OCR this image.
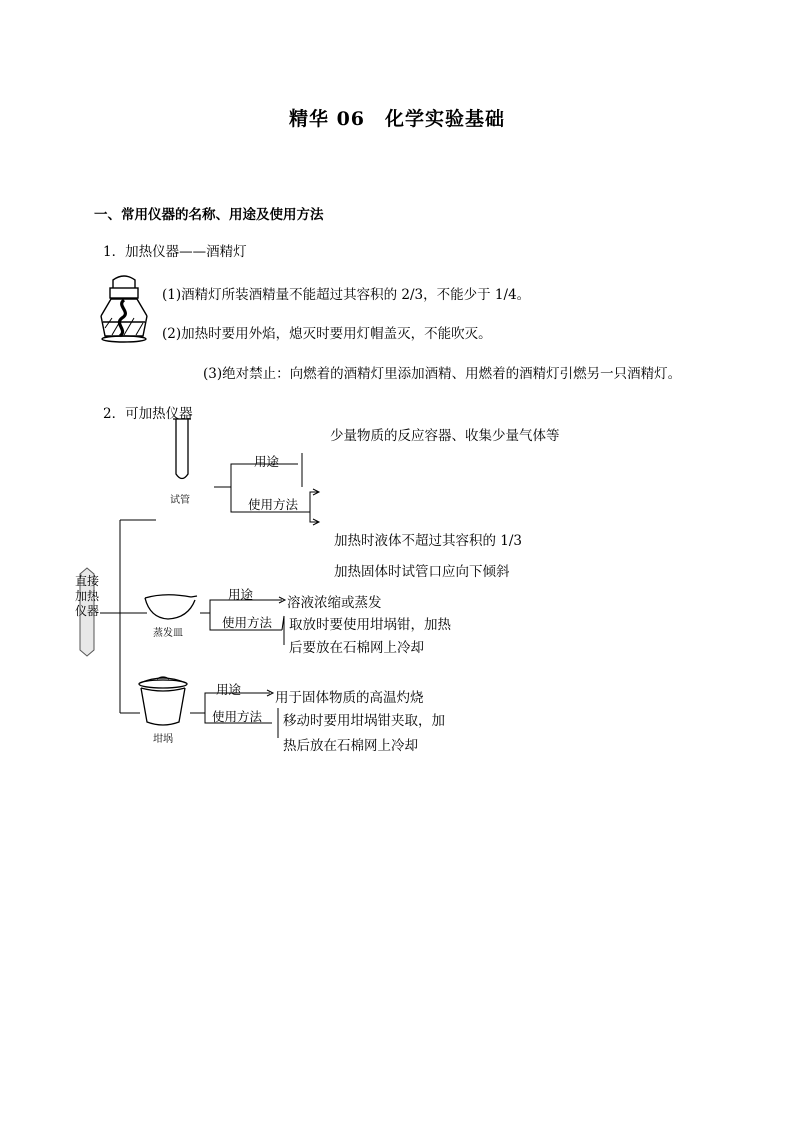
精华 06　化学实验基础
一、常用仪器的名称、用途及使用方法
1．加热仪器——酒精灯
(1)酒精灯所装酒精量不能超过其容积的 2/3，不能少于 1/4。
(2)加热时要用外焰，熄灭时要用灯帽盖灭，不能吹灭。
(3)绝对禁止：向燃着的酒精灯里添加酒精、用燃着的酒精灯引燃另一只酒精灯。
2．可加热仪器
直接加热仪器
试管
用途
使用方法
少量物质的反应容器、收集少量气体等
加热时液体不超过其容积的 1/3
加热固体时试管口应向下倾斜
蒸发皿
用途
使用方法
溶液浓缩或蒸发
取放时要使用坩埚钳，加热
后要放在石棉网上冷却
坩埚
用途
使用方法
用于固体物质的高温灼烧
移动时要用坩埚钳夹取，加
热后放在石棉网上冷却
